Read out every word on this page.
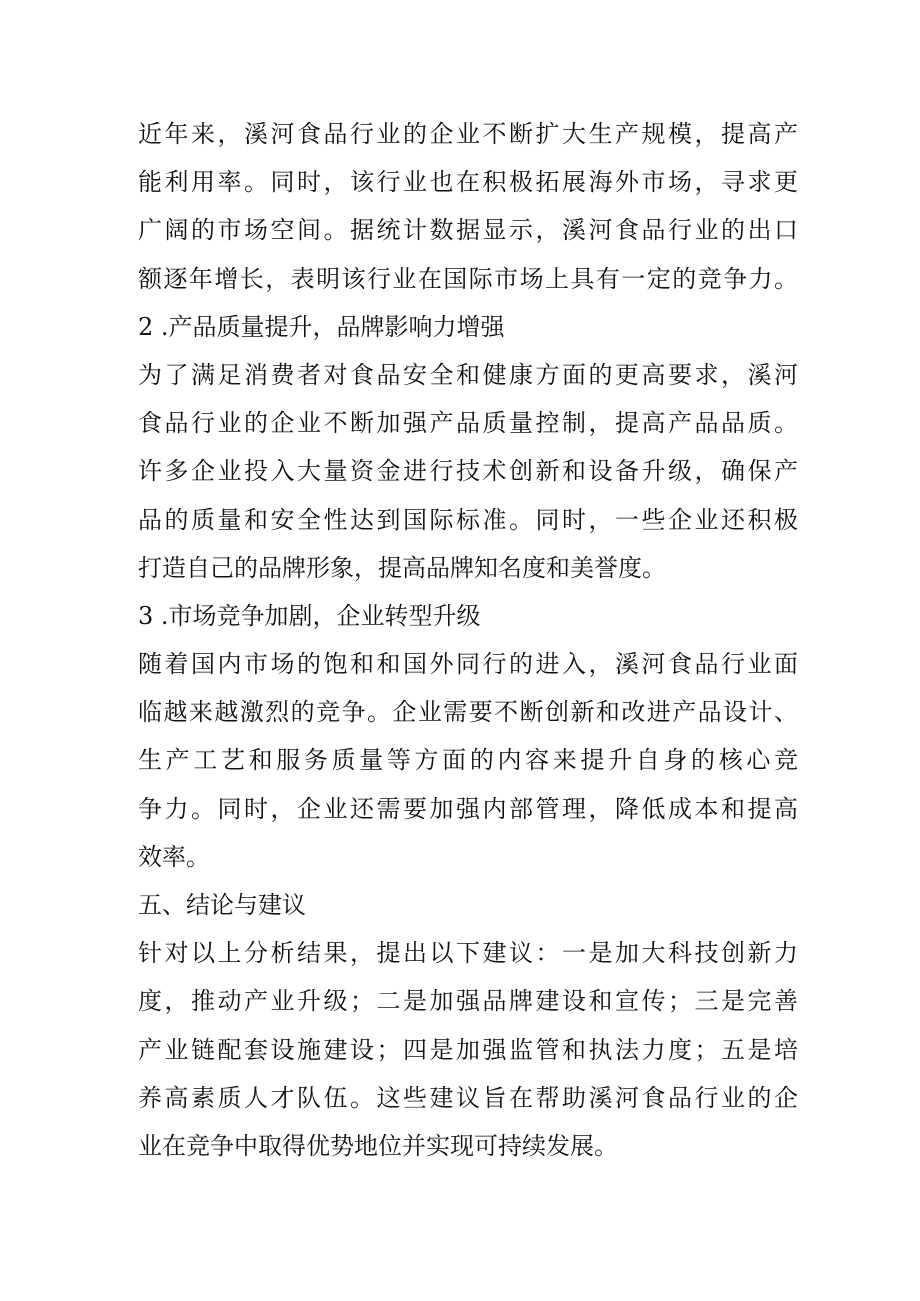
近年来，溪河食品行业的企业不断扩大生产规模，提高产
能利用率。同时，该行业也在积极拓展海外市场，寻求更
广阔的市场空间。据统计数据显示，溪河食品行业的出口
额逐年增长，表明该行业在国际市场上具有一定的竞争力。
2 .产品质量提升，品牌影响力增强
为了满足消费者对食品安全和健康方面的更高要求，溪河
食品行业的企业不断加强产品质量控制，提高产品品质。
许多企业投入大量资金进行技术创新和设备升级，确保产
品的质量和安全性达到国际标准。同时，一些企业还积极
打造自己的品牌形象，提高品牌知名度和美誉度。
3 .市场竞争加剧，企业转型升级
随着国内市场的饱和和国外同行的进入，溪河食品行业面
临越来越激烈的竞争。企业需要不断创新和改进产品设计、
生产工艺和服务质量等方面的内容来提升自身的核心竞
争力。同时，企业还需要加强内部管理，降低成本和提高
效率。
五、结论与建议
针对以上分析结果，提出以下建议：一是加大科技创新力
度，推动产业升级；二是加强品牌建设和宣传；三是完善
产业链配套设施建设；四是加强监管和执法力度；五是培
养高素质人才队伍。这些建议旨在帮助溪河食品行业的企
业在竞争中取得优势地位并实现可持续发展。
